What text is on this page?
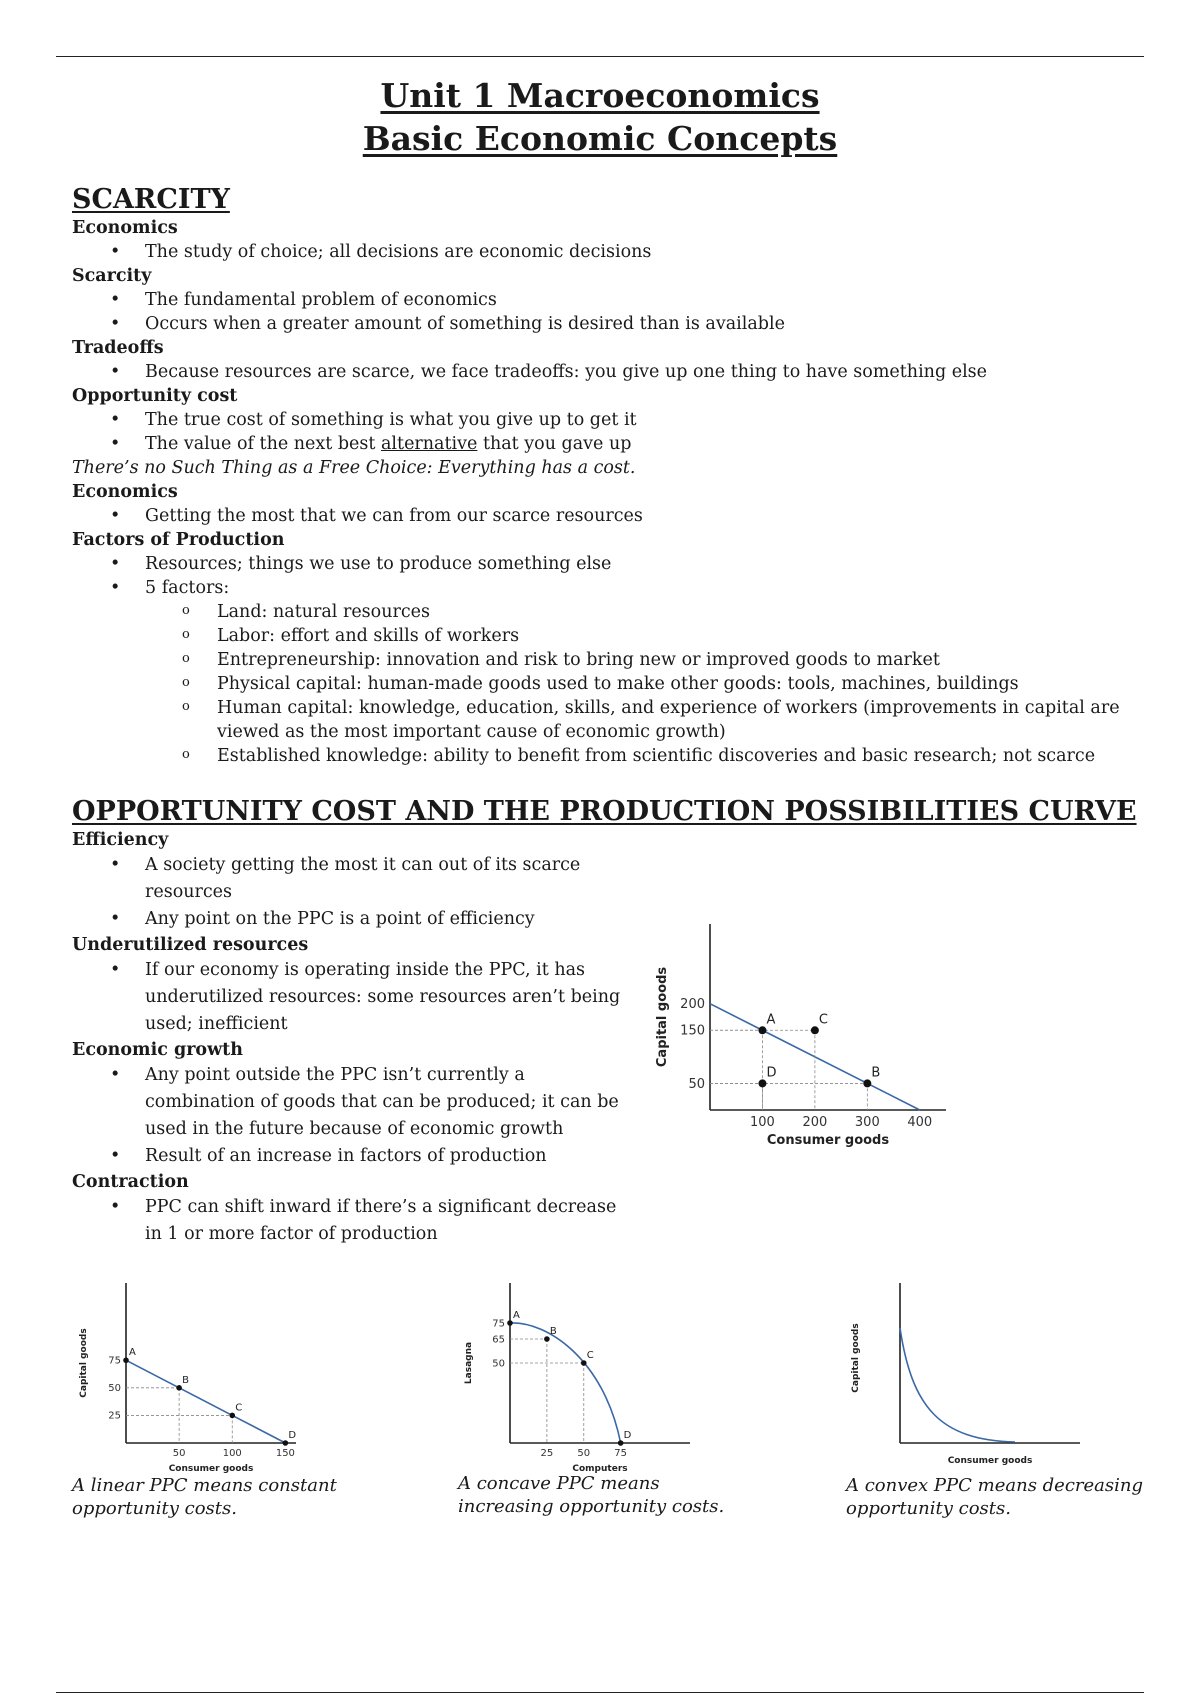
Unit 1 Macroeconomics
Basic Economic Concepts
SCARCITY
Economics
• The study of choice; all decisions are economic decisions
Scarcity
• The fundamental problem of economics
• Occurs when a greater amount of something is desired than is available
Tradeoffs
• Because resources are scarce, we face tradeoffs: you give up one thing to have something else
Opportunity cost
• The true cost of something is what you give up to get it
• The value of the next best alternative that you gave up
There’s no Such Thing as a Free Choice: Everything has a cost.
Economics
• Getting the most that we can from our scarce resources
Factors of Production
• Resources; things we use to produce something else
• 5 factors:
o Land: natural resources
o Labor: effort and skills of workers
o Entrepreneurship: innovation and risk to bring new or improved goods to market
o Physical capital: human-made goods used to make other goods: tools, machines, buildings
o Human capital: knowledge, education, skills, and experience of workers (improvements in capital are viewed as the most important cause of economic growth)
o Established knowledge: ability to benefit from scientific discoveries and basic research; not scarce
OPPORTUNITY COST AND THE PRODUCTION POSSIBILITIES CURVE
Efficiency
• A society getting the most it can out of its scarce resources
• Any point on the PPC is a point of efficiency
Underutilized resources
• If our economy is operating inside the PPC, it has underutilized resources: some resources aren’t being used; inefficient
Economic growth
• Any point outside the PPC isn’t currently a combination of goods that can be produced; it can be used in the future because of economic growth
• Result of an increase in factors of production
Contraction
• PPC can shift inward if there’s a significant decrease in 1 or more factor of production
A
B
C
D
100 200 300 400
50
150
200
Consumer goods
Capital goods
A
B
C
D
50	100	150
25
50
75
Consumer goods
Capital goods
A linear PPC means constant opportunity costs.
A
B
C
D
25 50 75
50
65
75
Computers
Lasagna
A concave PPC means increasing opportunity costs.
Consumer goods
Capital goods
A convex PPC means decreasing opportunity costs.
